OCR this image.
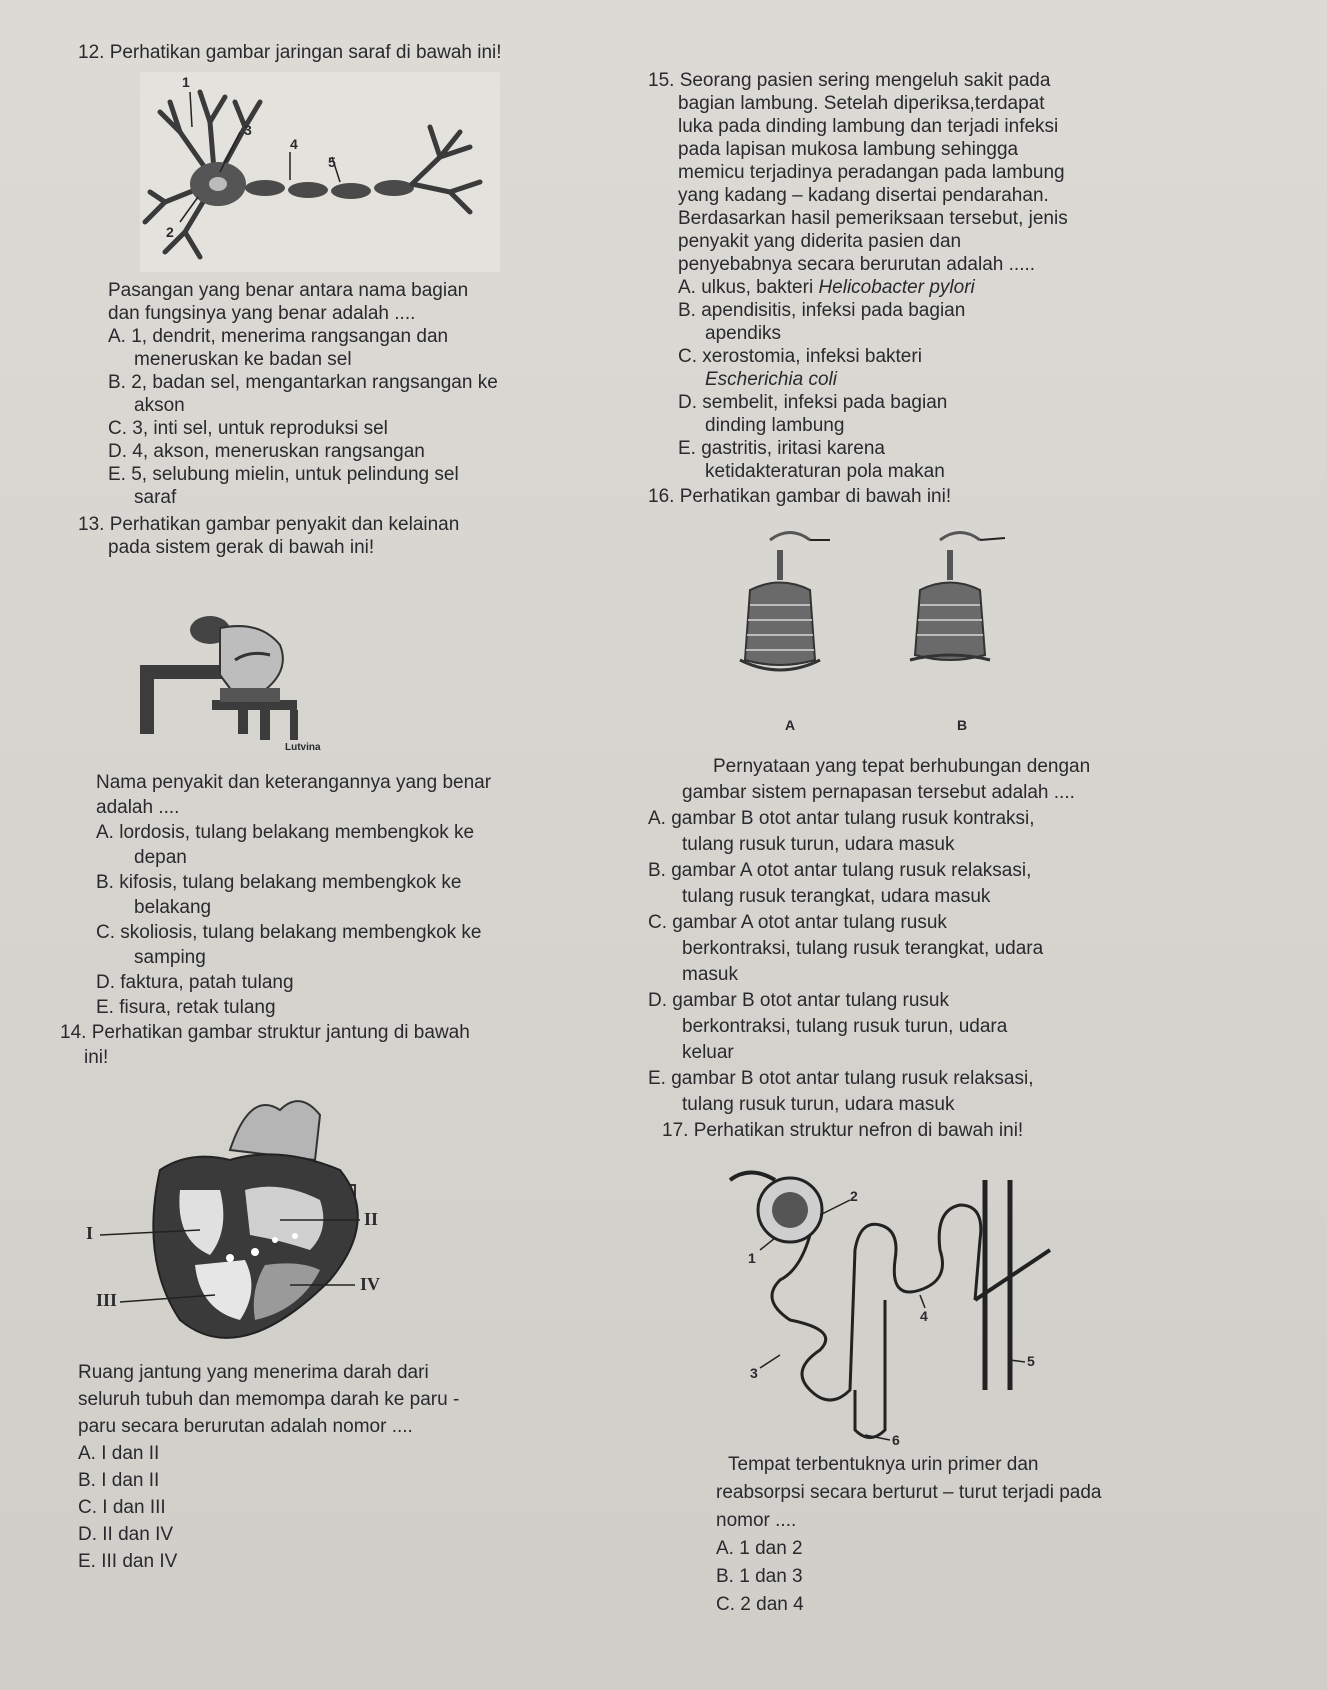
12. Perhatikan gambar jaringan saraf di bawah ini!
1
2
3
4
5
Pasangan yang benar antara nama bagian
dan fungsinya yang benar adalah ....
A. 1, dendrit, menerima rangsangan dan
meneruskan ke badan sel
B. 2, badan sel, mengantarkan rangsangan ke
akson
C. 3, inti sel, untuk reproduksi sel
D. 4, akson, meneruskan rangsangan
E. 5, selubung mielin, untuk pelindung sel
saraf
13. Perhatikan gambar penyakit dan kelainan
pada sistem gerak di bawah ini!
Lutvina
Nama penyakit dan keterangannya yang benar
adalah ....
A. lordosis, tulang belakang membengkok ke
depan
B. kifosis, tulang belakang membengkok ke
belakang
C. skoliosis, tulang belakang membengkok ke
samping
D. faktura, patah tulang
E. fisura, retak tulang
14. Perhatikan gambar struktur jantung di bawah
ini!
I
II
III
IV
Ruang jantung yang menerima darah dari
seluruh tubuh dan memompa darah ke paru -
paru secara berurutan adalah nomor ....
A. I dan II
B. I dan II
C. I dan III
D. II dan IV
E. III dan IV
15. Seorang pasien sering mengeluh sakit pada
bagian lambung. Setelah diperiksa,terdapat
luka pada dinding lambung dan terjadi infeksi
pada lapisan mukosa lambung sehingga
memicu terjadinya peradangan pada lambung
yang kadang – kadang disertai pendarahan.
Berdasarkan hasil pemeriksaan tersebut, jenis
penyakit yang diderita pasien dan
penyebabnya secara berurutan adalah .....
A. ulkus, bakteri Helicobacter pylori
B. apendisitis, infeksi pada bagian
apendiks
C. xerostomia, infeksi bakteri
Escherichia coli
D. sembelit, infeksi pada bagian
dinding lambung
E. gastritis, iritasi karena
ketidakteraturan pola makan
16. Perhatikan gambar di bawah ini!
A	B
Pernyataan yang tepat berhubungan dengan
gambar sistem pernapasan tersebut adalah ....
A. gambar B otot antar tulang rusuk kontraksi,
tulang rusuk turun, udara masuk
B. gambar A otot antar tulang rusuk relaksasi,
tulang rusuk terangkat, udara masuk
C. gambar A otot antar tulang rusuk
berkontraksi, tulang rusuk terangkat, udara
masuk
D. gambar B otot antar tulang rusuk
berkontraksi, tulang rusuk turun, udara
keluar
E. gambar B otot antar tulang rusuk relaksasi,
tulang rusuk turun, udara masuk
17. Perhatikan struktur nefron di bawah ini!
1
2
3
4
5
6
Tempat terbentuknya urin primer dan
reabsorpsi secara berturut – turut terjadi pada
nomor ....
A. 1 dan 2
B. 1 dan 3
C. 2 dan 4
